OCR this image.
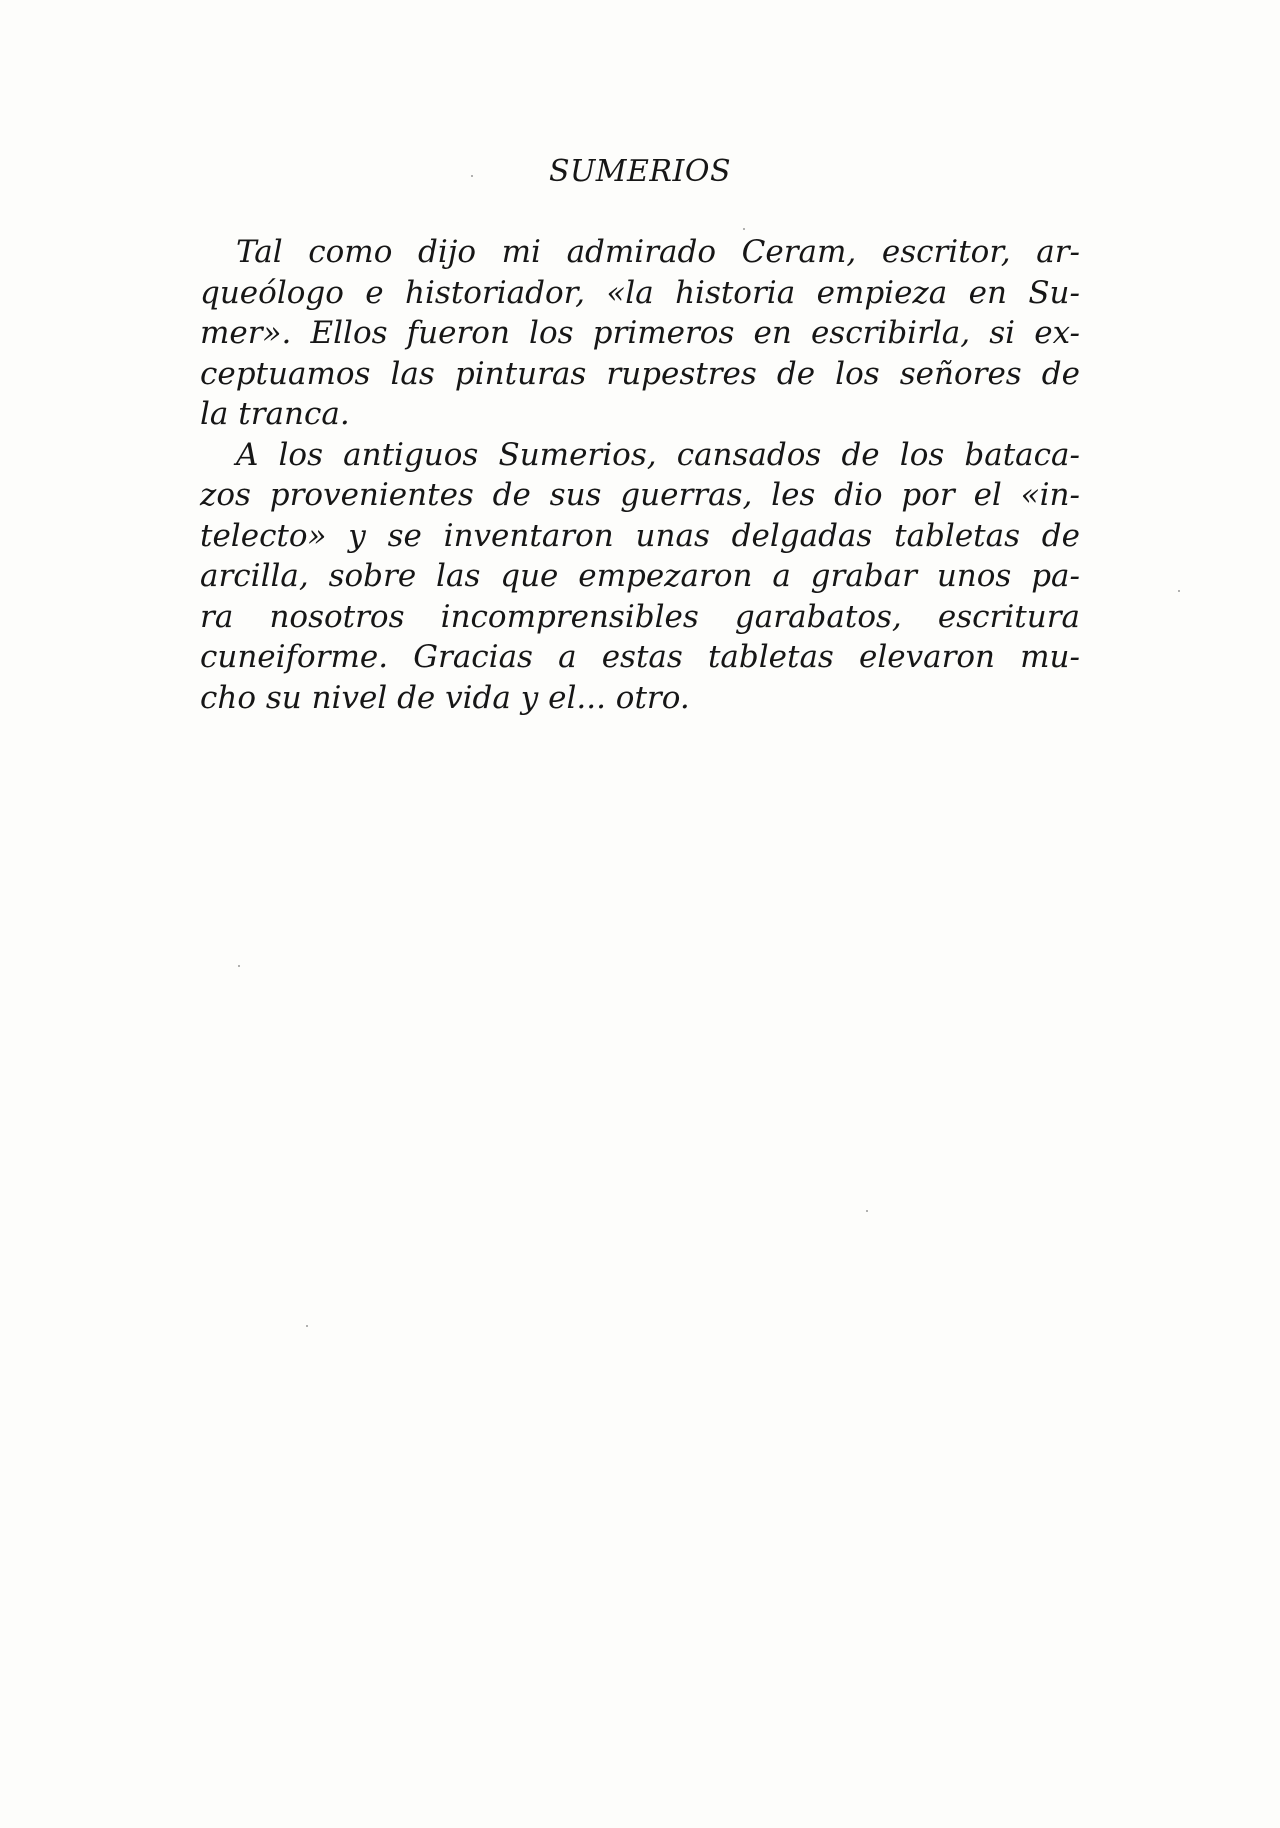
SUMERIOS
Tal como dijo mi admirado Ceram, escritor, ar-
queólogo e historiador, «la historia empieza en Su-
mer». Ellos fueron los primeros en escribirla, si ex-
ceptuamos las pinturas rupestres de los señores de
la tranca.
A los antiguos Sumerios, cansados de los bataca-
zos provenientes de sus guerras, les dio por el «in-
telecto» y se inventaron unas delgadas tabletas de
arcilla, sobre las que empezaron a grabar unos pa-
ra nosotros incomprensibles garabatos, escritura
cuneiforme. Gracias a estas tabletas elevaron mu-
cho su nivel de vida y el... otro.
